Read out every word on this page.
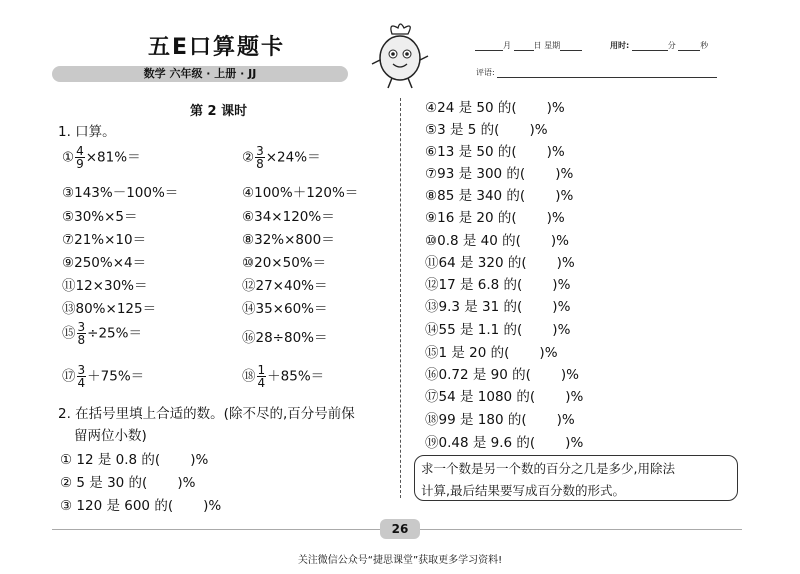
五E口算题卡
数学 六年级 · 上册 · JJ
月	日 星期	用时:	分	秒
评语:
第 2 课时
1. 口算。
① $\frac{4}{9} \times 81\%=$	② $\frac{3}{8} \times 24\%=$
③143%－100%＝	④100%＋120%＝
⑤30%×5＝	⑥34×120%＝
⑦21%×10＝	⑧32%×800＝
⑨250%×4＝	⑩20×50%＝
⑪12×30%＝	⑫27×40%＝
⑬80%×125＝	⑭35×60%＝
⑮ $\frac{3}{8} \div 25\%=$	⑯28÷80%＝
⑰ $\frac{3}{4} +75\%=$	⑱ $\frac{1}{4} +85\%=$
2. 在括号里填上合适的数。(除不尽的,百分号前保
留两位小数)
① 12 是 0.8 的( )%
② 5 是 30 的( )%
③ 120 是 600 的( )%
④24 是 50 的( )%
⑤3 是 5 的( )%
⑥13 是 50 的( )%
⑦93 是 300 的( )%
⑧85 是 340 的( )%
⑨16 是 20 的( )%
⑩0.8 是 40 的( )%
⑪64 是 320 的( )%
⑫17 是 6.8 的( )%
⑬9.3 是 31 的( )%
⑭55 是 1.1 的( )%
⑮1 是 20 的( )%
⑯0.72 是 90 的( )%
⑰54 是 1080 的( )%
⑱99 是 180 的( )%
⑲0.48 是 9.6 的( )%
求一个数是另一个数的百分之几是多少,用除法
计算,最后结果要写成百分数的形式。
26
关注微信公众号“捷思课堂”获取更多学习资料!
